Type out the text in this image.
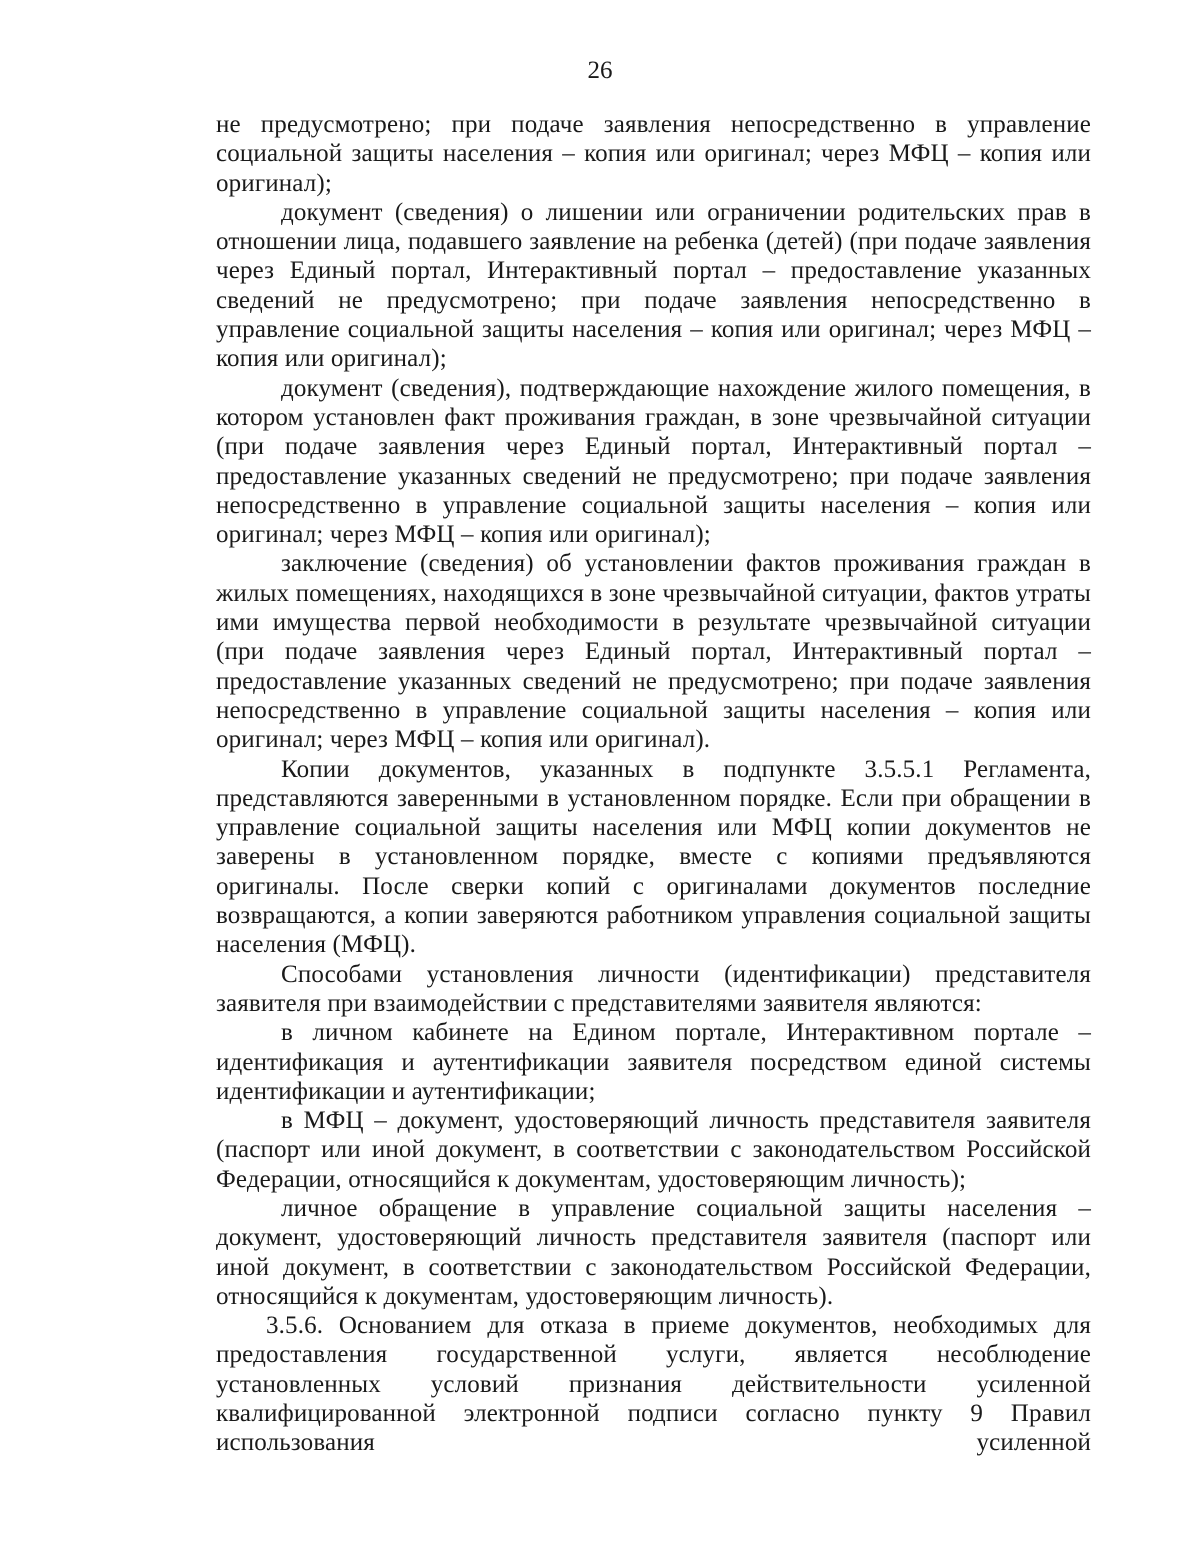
26

не предусмотрено; при подаче заявления непосредственно в управление социальной защиты населения – копия или оригинал; через МФЦ – копия или оригинал);

документ (сведения) о лишении или ограничении родительских прав в отношении лица, подавшего заявление на ребенка (детей) (при подаче заявления через Единый портал, Интерактивный портал – предоставление указанных сведений не предусмотрено; при подаче заявления непосредственно в управление социальной защиты населения – копия или оригинал; через МФЦ – копия или оригинал);

документ (сведения), подтверждающие нахождение жилого помещения, в котором установлен факт проживания граждан, в зоне чрезвычайной ситуации (при подаче заявления через Единый портал, Интерактивный портал – предоставление указанных сведений не предусмотрено; при подаче заявления непосредственно в управление социальной защиты населения – копия или оригинал; через МФЦ – копия или оригинал);

заключение (сведения) об установлении фактов проживания граждан в жилых помещениях, находящихся в зоне чрезвычайной ситуации, фактов утраты ими имущества первой необходимости в результате чрезвычайной ситуации (при подаче заявления через Единый портал, Интерактивный портал – предоставление указанных сведений не предусмотрено; при подаче заявления непосредственно в управление социальной защиты населения – копия или оригинал; через МФЦ – копия или оригинал).

Копии документов, указанных в подпункте 3.5.5.1 Регламента, представляются заверенными в установленном порядке. Если при обращении в управление социальной защиты населения или МФЦ копии документов не заверены в установленном порядке, вместе с копиями предъявляются оригиналы. После сверки копий с оригиналами документов последние возвращаются, а копии заверяются работником управления социальной защиты населения (МФЦ).

Способами установления личности (идентификации) представителя заявителя при взаимодействии с представителями заявителя являются:

в личном кабинете на Едином портале, Интерактивном портале – идентификация и аутентификации заявителя посредством единой системы идентификации и аутентификации;

в МФЦ – документ, удостоверяющий личность представителя заявителя (паспорт или иной документ, в соответствии с законодательством Российской Федерации, относящийся к документам, удостоверяющим личность);

личное обращение в управление социальной защиты населения – документ, удостоверяющий личность представителя заявителя (паспорт или иной документ, в соответствии с законодательством Российской Федерации, относящийся к документам, удостоверяющим личность).

3.5.6. Основанием для отказа в приеме документов, необходимых для предоставления государственной услуги, является несоблюдение установленных условий признания действительности усиленной квалифицированной электронной подписи согласно пункту 9 Правил использования усиленной
